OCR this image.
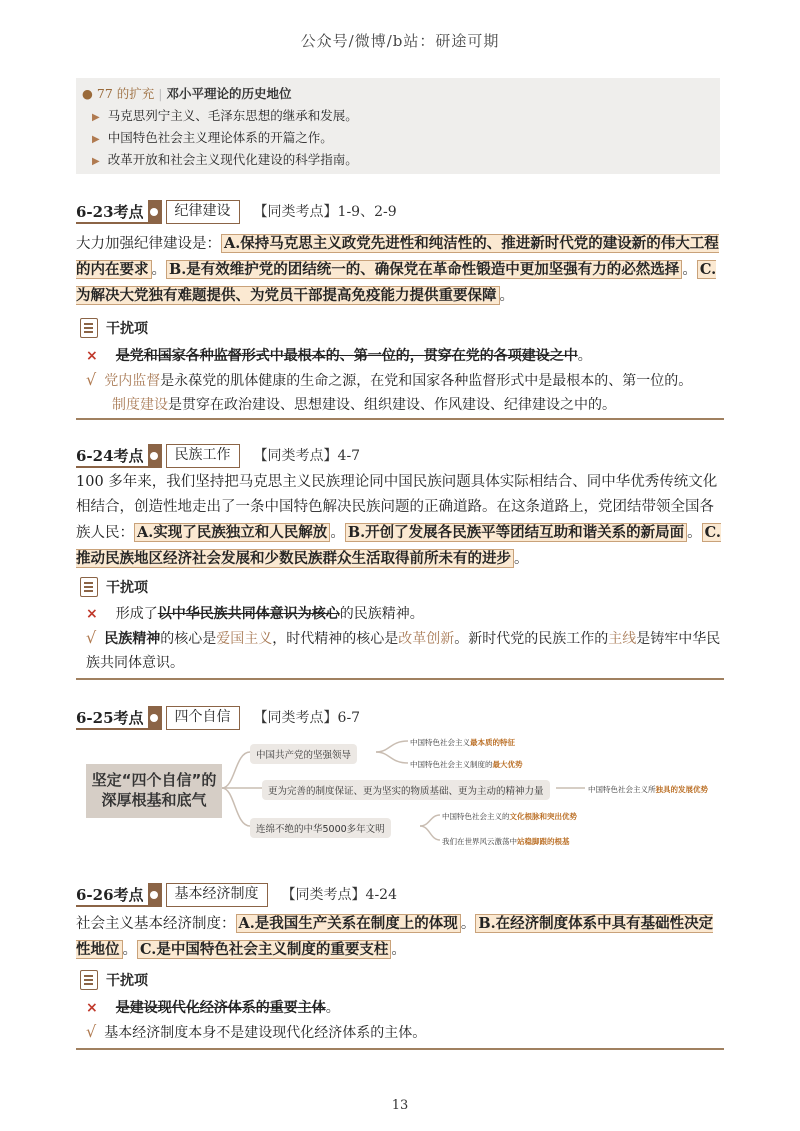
公众号/微博/b站：研途可期
● 77 的扩充 | 邓小平理论的历史地位
▶ 马克思列宁主义、毛泽东思想的继承和发展。
▶ 中国特色社会主义理论体系的开篇之作。
▶ 改革开放和社会主义现代化建设的科学指南。
6-23考点	纪律建设	【同类考点】1-9、2-9
大力加强纪律建设是： A.保持马克思主义政党先进性和纯洁性的、推进新时代党的建设新的伟大工程的内在要求 。 B.是有效维护党的团结统一的、确保党在革命性锻造中更加坚强有力的必然选择 。 C.为解决大党独有难题提供、为党员干部提高免疫能力提供重要保障 。
干扰项
× 是党和国家各种监督形式中最根本的、第一位的，贯穿在党的各项建设之中。
√ 党内监督是永葆党的肌体健康的生命之源，在党和国家各种监督形式中是最根本的、第一位的。
制度建设是贯穿在政治建设、思想建设、组织建设、作风建设、纪律建设之中的。
6-24考点	民族工作	【同类考点】4-7
100 多年来，我们坚持把马克思主义民族理论同中国民族问题具体实际相结合、同中华优秀传统文化相结合，创造性地走出了一条中国特色解决民族问题的正确道路。在这条道路上，党团结带领全国各族人民： A.实现了民族独立和人民解放 。 B.开创了发展各民族平等团结互助和谐关系的新局面 。 C.推动民族地区经济社会发展和少数民族群众生活取得前所未有的进步 。
干扰项
× 形成了以中华民族共同体意识为核心的民族精神。
√ 民族精神的核心是爱国主义，时代精神的核心是改革创新。新时代党的民族工作的主线是铸牢中华民族共同体意识。
6-25考点	四个自信	【同类考点】6-7
坚定“四个自信”的深厚根基和底气
中国共产党的坚强领导
中国特色社会主义最本质的特征
中国特色社会主义制度的最大优势
更为完善的制度保证、更为坚实的物质基础、更为主动的精神力量	中国特色社会主义所独具的发展优势
连绵不绝的中华5000多年文明
中国特色社会主义的文化根脉和突出优势
我们在世界风云激荡中站稳脚跟的根基
6-26考点	基本经济制度	【同类考点】4-24
社会主义基本经济制度： A.是我国生产关系在制度上的体现 。 B.在经济制度体系中具有基础性决定性地位 。 C.是中国特色社会主义制度的重要支柱 。
干扰项
× 是建设现代化经济体系的重要主体。
√ 基本经济制度本身不是建设现代化经济体系的主体。
13
